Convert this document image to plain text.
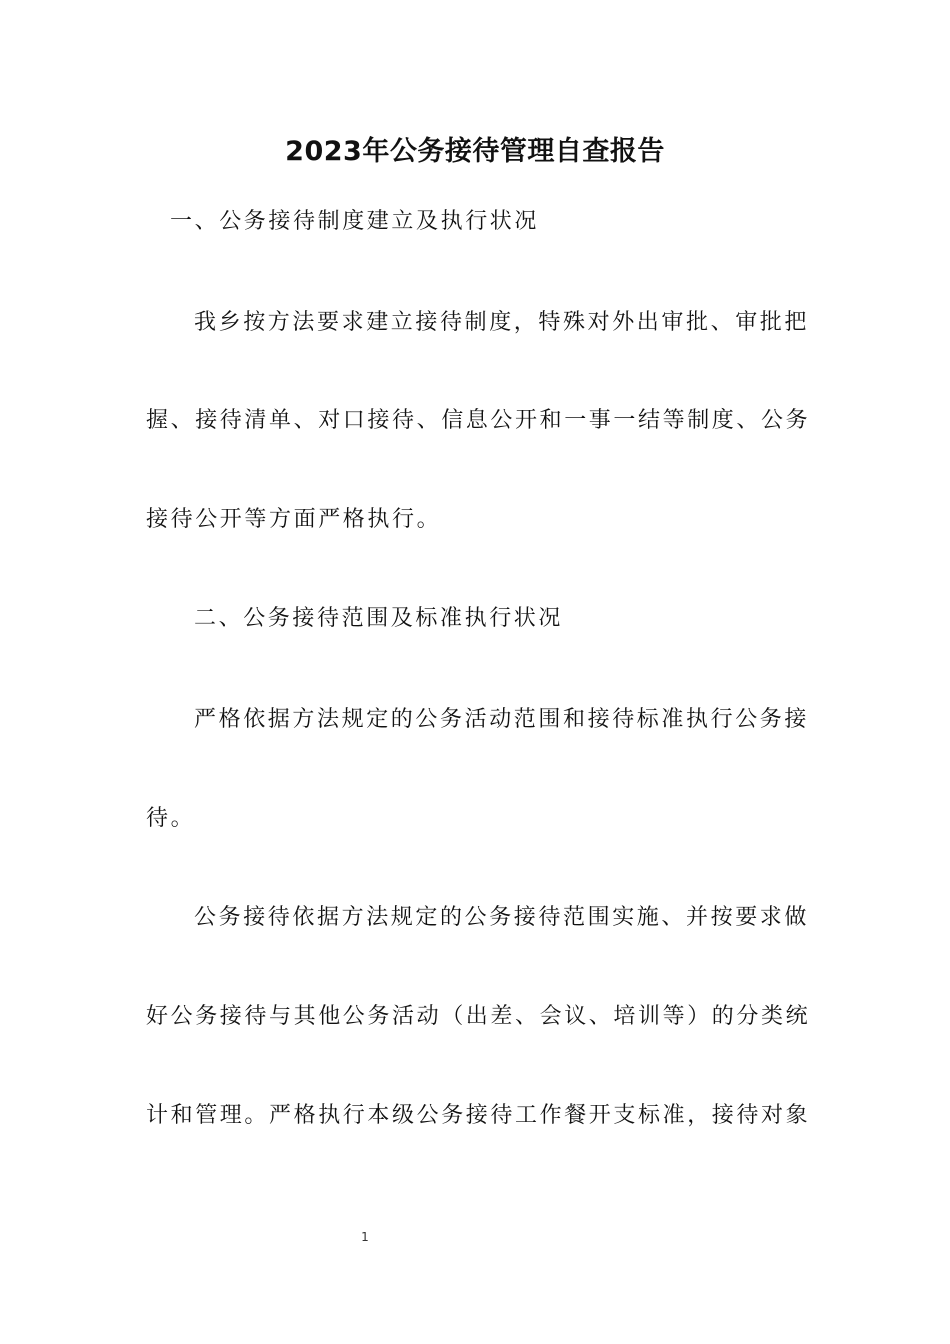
2023年公务接待管理自查报告

一、公务接待制度建立及执行状况

我乡按方法要求建立接待制度，特殊对外出审批、审批把

握、接待清单、对口接待、信息公开和一事一结等制度、公务

接待公开等方面严格执行。

二、公务接待范围及标准执行状况

严格依据方法规定的公务活动范围和接待标准执行公务接

待。

公务接待依据方法规定的公务接待范围实施、并按要求做

好公务接待与其他公务活动（出差、会议、培训等）的分类统

计和管理。严格执行本级公务接待工作餐开支标准，接待对象

1
